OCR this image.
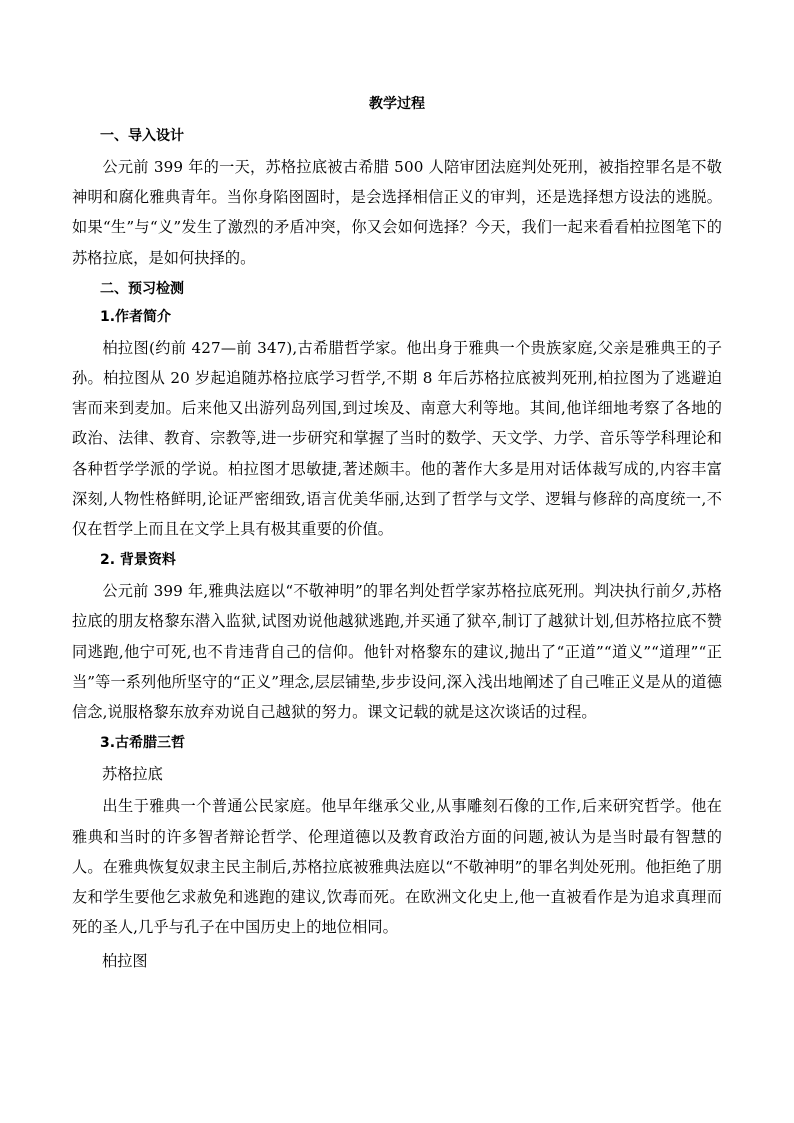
教学过程
一、导入设计
公元前 399 年的一天，苏格拉底被古希腊 500 人陪审团法庭判处死刑，被指控罪名是不敬神明和腐化雅典青年。当你身陷囹圄时，是会选择相信正义的审判，还是选择想方设法的逃脱。如果“生”与“义”发生了激烈的矛盾冲突，你又会如何选择？今天，我们一起来看看柏拉图笔下的苏格拉底，是如何抉择的。
二、预习检测
1.作者简介
柏拉图(约前 427—前 347),古希腊哲学家。他出身于雅典一个贵族家庭,父亲是雅典王的子孙。柏拉图从 20 岁起追随苏格拉底学习哲学,不期 8 年后苏格拉底被判死刑,柏拉图为了逃避迫害而来到麦加。后来他又出游列岛列国,到过埃及、南意大利等地。其间,他详细地考察了各地的政治、法律、教育、宗教等,进一步研究和掌握了当时的数学、天文学、力学、音乐等学科理论和各种哲学学派的学说。柏拉图才思敏捷,著述颇丰。他的著作大多是用对话体裁写成的,内容丰富深刻,人物性格鲜明,论证严密细致,语言优美华丽,达到了哲学与文学、逻辑与修辞的高度统一,不仅在哲学上而且在文学上具有极其重要的价值。
2. 背景资料
公元前 399 年,雅典法庭以“不敬神明”的罪名判处哲学家苏格拉底死刑。判决执行前夕,苏格拉底的朋友格黎东潜入监狱,试图劝说他越狱逃跑,并买通了狱卒,制订了越狱计划,但苏格拉底不赞同逃跑,他宁可死,也不肯违背自己的信仰。他针对格黎东的建议,抛出了“正道”“道义”“道理”“正当”等一系列他所坚守的“正义”理念,层层铺垫,步步设问,深入浅出地阐述了自己唯正义是从的道德信念,说服格黎东放弃劝说自己越狱的努力。课文记载的就是这次谈话的过程。
3.古希腊三哲
苏格拉底
出生于雅典一个普通公民家庭。他早年继承父业,从事雕刻石像的工作,后来研究哲学。他在雅典和当时的许多智者辩论哲学、伦理道德以及教育政治方面的问题,被认为是当时最有智慧的人。在雅典恢复奴隶主民主制后,苏格拉底被雅典法庭以“不敬神明”的罪名判处死刑。他拒绝了朋友和学生要他乞求赦免和逃跑的建议,饮毒而死。在欧洲文化史上,他一直被看作是为追求真理而死的圣人,几乎与孔子在中国历史上的地位相同。
柏拉图
